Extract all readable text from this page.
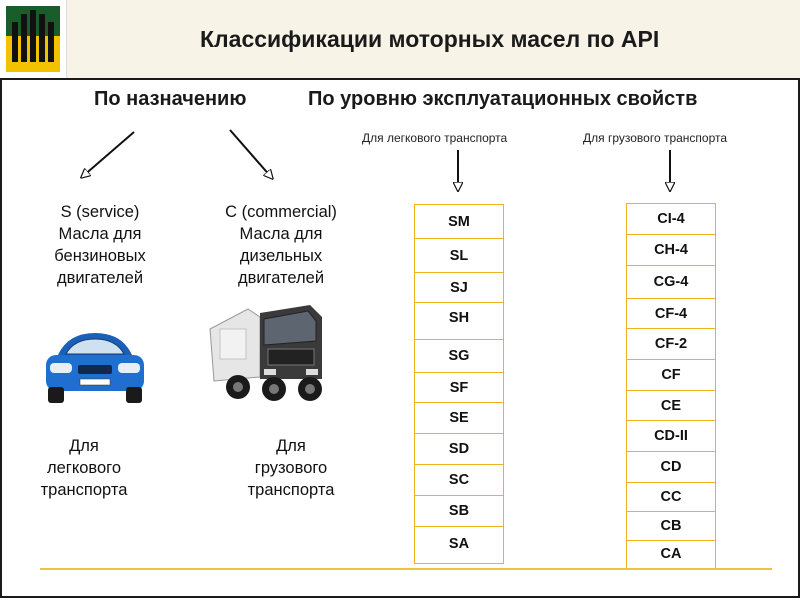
Классификации моторных масел по API
По назначению	По уровню эксплуатационных свойств
Для легкового транспорта	Для грузового транспорта
S (service)
Масла для
бензиновых
двигателей
C (commercial)
Масла для
дизельных
двигателей
Для
легкового
транспорта
Для
грузового
транспорта
SM
SL
SJ
SH
SG
SF
SE
SD
SC
SB
SA
CI-4
CH-4
CG-4
CF-4
CF-2
CF
CE
CD-II
CD
CC
CB
CA
